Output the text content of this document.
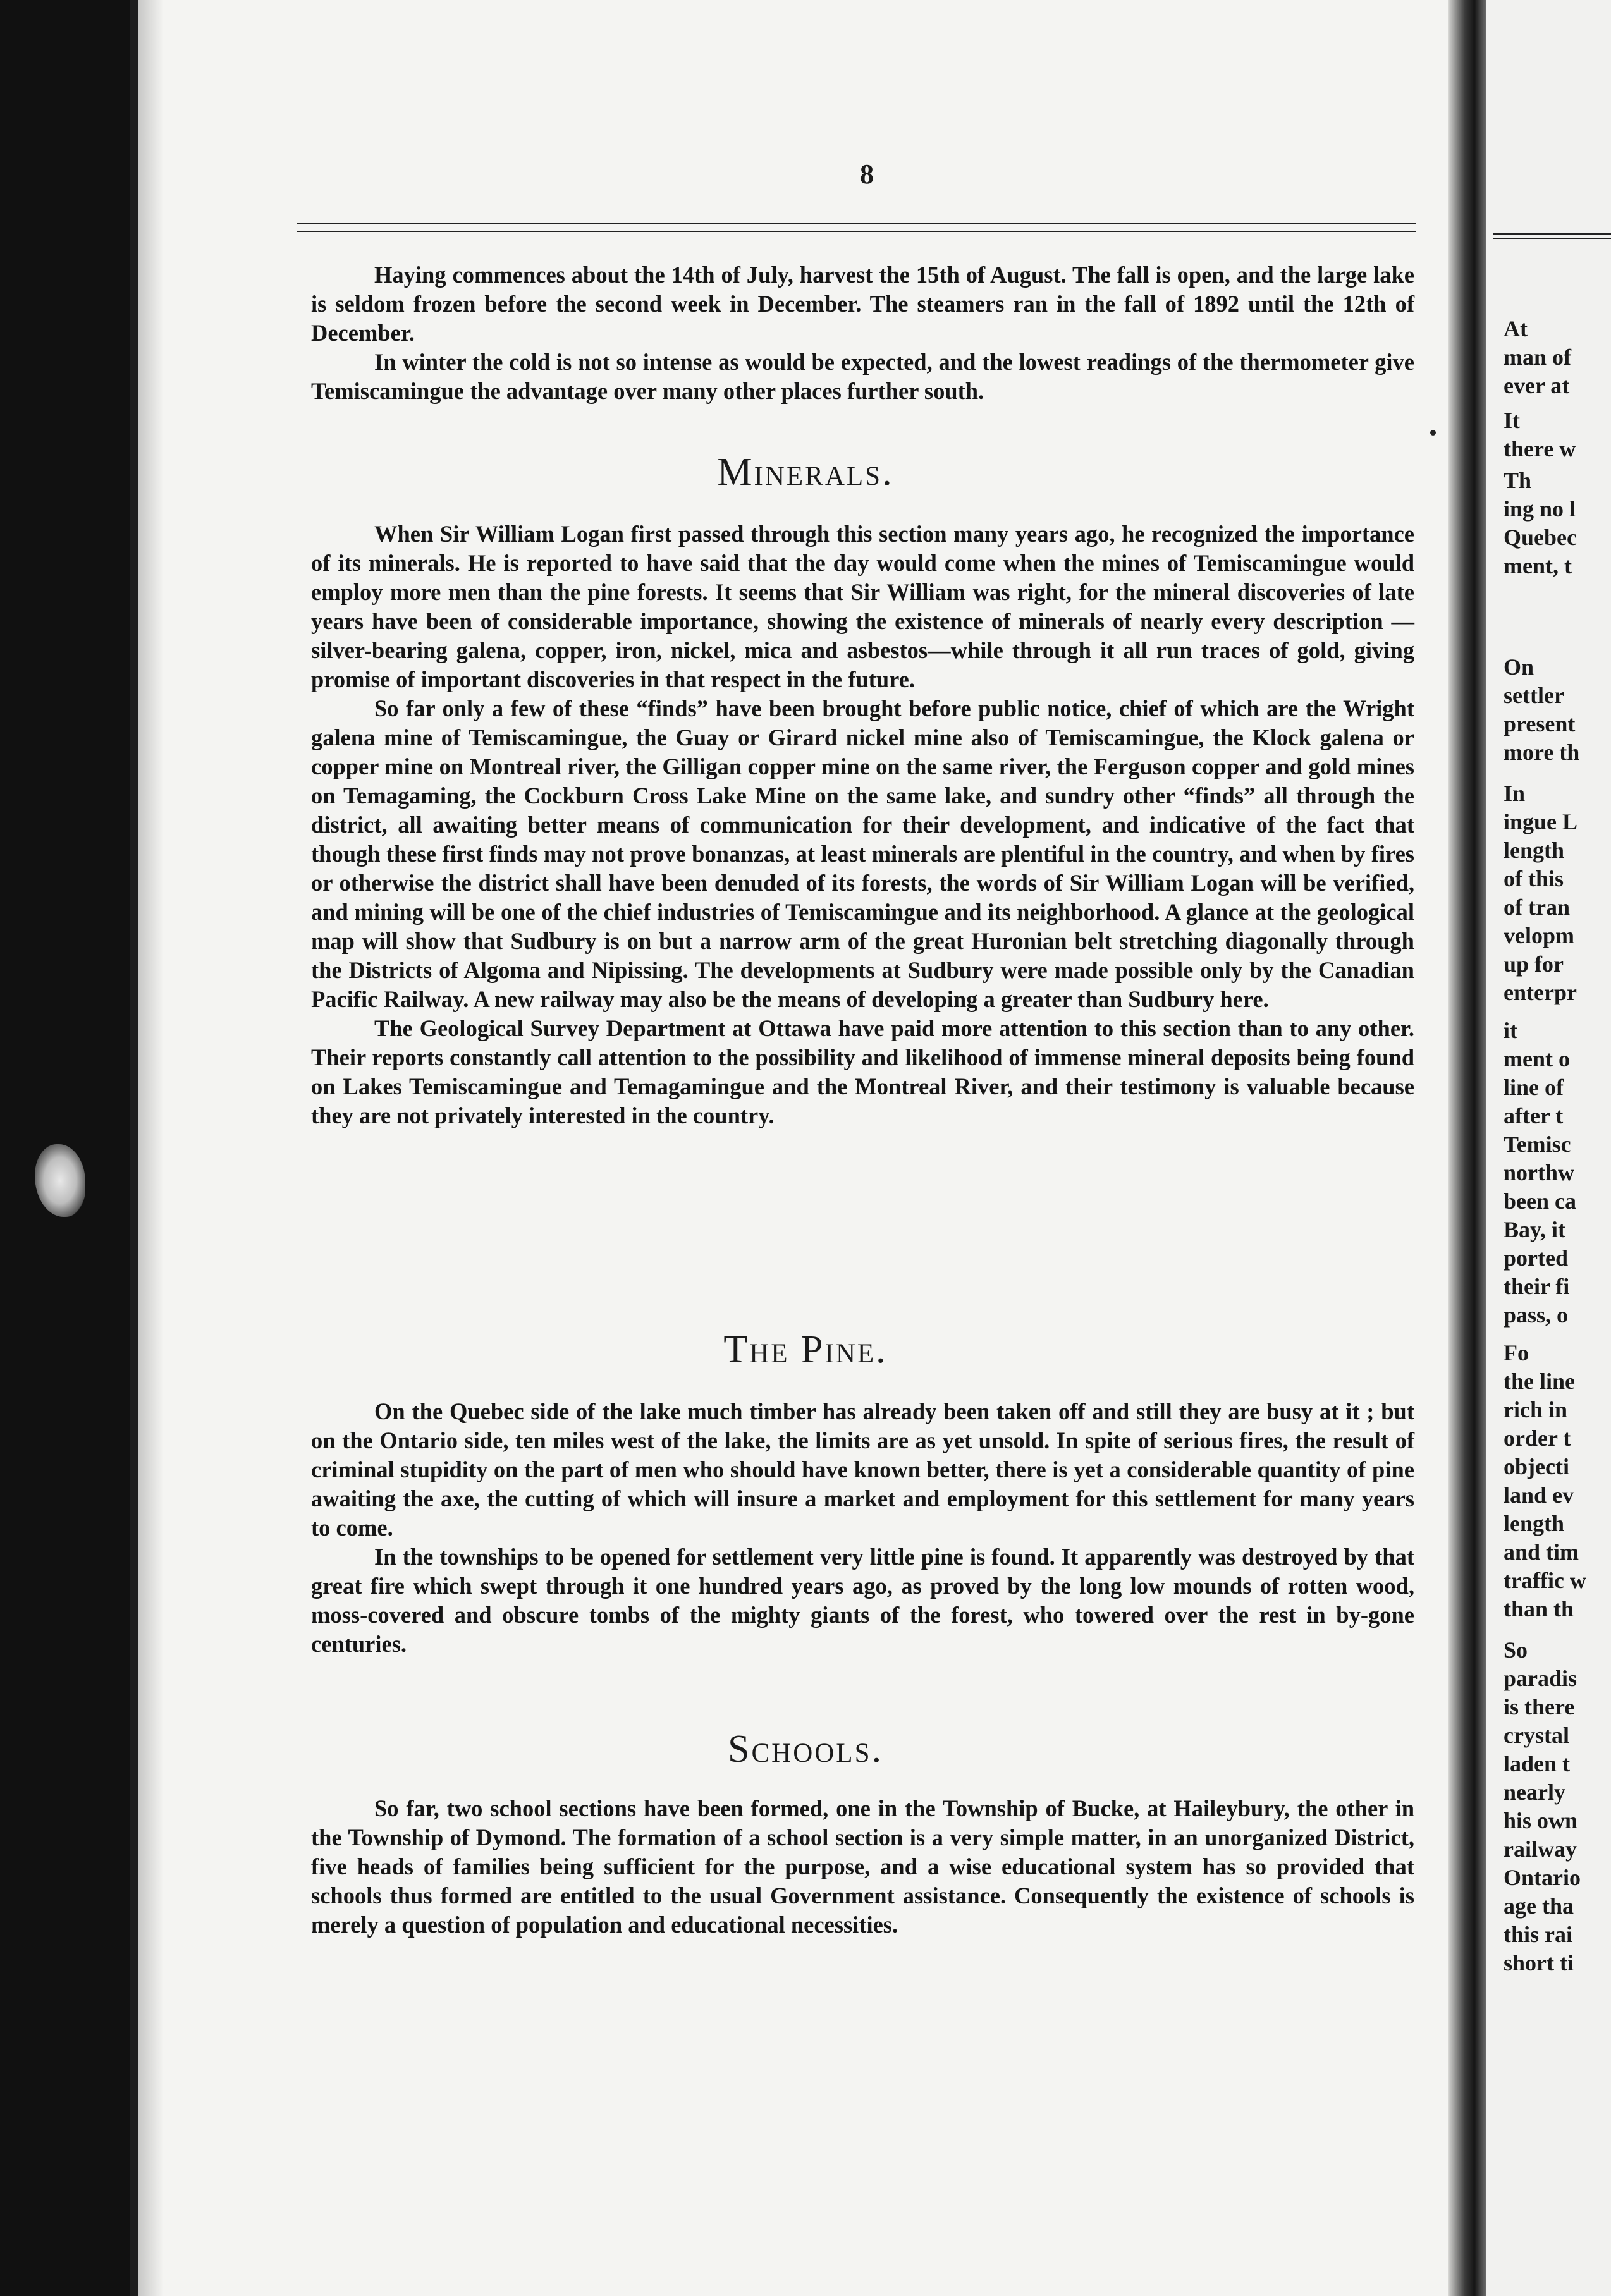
At
man of
ever at
It
there w
Th
ing no l
Quebec
ment, t
On
settler
present
more th
In
ingue L
length
of this
of tran
velopm
up for
enterpr
it
ment o
line of
after t
Temisc
northw
been ca
Bay, it
ported
their fi
pass, o
Fo
the line
rich in
order t
objecti
land ev
length
and tim
traffic w
than th
So
paradis
is there
crystal
laden t
nearly
his own
railway
Ontario
age tha
this rai
short ti
8

Haying commences about the 14th of July, harvest the 15th of August. The fall is open, and the large lake is seldom frozen before the second week in December. The steamers ran in the fall of 1892 until the 12th of December.

In winter the cold is not so intense as would be expected, and the lowest readings of the thermometer give Temiscamingue the advantage over many other places further south.

Minerals.

When Sir William Logan first passed through this section many years ago, he recognized the importance of its minerals. He is reported to have said that the day would come when the mines of Temiscamingue would employ more men than the pine forests. It seems that Sir William was right, for the mineral discoveries of late years have been of considerable importance, showing the existence of minerals of nearly every description —silver-bearing galena, copper, iron, nickel, mica and asbestos—while through it all run traces of gold, giving promise of important discoveries in that respect in the future.

So far only a few of these “finds” have been brought before public notice, chief of which are the Wright galena mine of Temiscamingue, the Guay or Girard nickel mine also of Temiscamingue, the Klock galena or copper mine on Montreal river, the Gilligan copper mine on the same river, the Ferguson copper and gold mines on Temagaming, the Cockburn Cross Lake Mine on the same lake, and sundry other “finds” all through the district, all awaiting better means of communication for their development, and indicative of the fact that though these first finds may not prove bonanzas, at least minerals are plentiful in the country, and when by fires or otherwise the district shall have been denuded of its forests, the words of Sir William Logan will be verified, and mining will be one of the chief industries of Temiscamingue and its neighborhood. A glance at the geological map will show that Sudbury is on but a narrow arm of the great Huronian belt stretching diagonally through the Districts of Algoma and Nipissing. The developments at Sudbury were made possible only by the Canadian Pacific Railway. A new railway may also be the means of developing a greater than Sudbury here.

The Geological Survey Department at Ottawa have paid more attention to this section than to any other. Their reports constantly call attention to the possibility and likelihood of immense mineral deposits being found on Lakes Temiscamingue and Temagamingue and the Montreal River, and their testimony is valuable because they are not privately interested in the country.

The Pine.

On the Quebec side of the lake much timber has already been taken off and still they are busy at it ; but on the Ontario side, ten miles west of the lake, the limits are as yet unsold. In spite of serious fires, the result of criminal stupidity on the part of men who should have known better, there is yet a considerable quantity of pine awaiting the axe, the cutting of which will insure a market and employment for this settlement for many years to come.

In the townships to be opened for settlement very little pine is found. It apparently was destroyed by that great fire which swept through it one hundred years ago, as proved by the long low mounds of rotten wood, moss-covered and obscure tombs of the mighty giants of the forest, who towered over the rest in by-gone centuries.

Schools.

So far, two school sections have been formed, one in the Township of Bucke, at Haileybury, the other in the Township of Dymond. The formation of a school section is a very simple matter, in an unorganized District, five heads of families being sufficient for the purpose, and a wise educational system has so provided that schools thus formed are entitled to the usual Government assistance. Consequently the existence of schools is merely a question of population and educational necessities.
